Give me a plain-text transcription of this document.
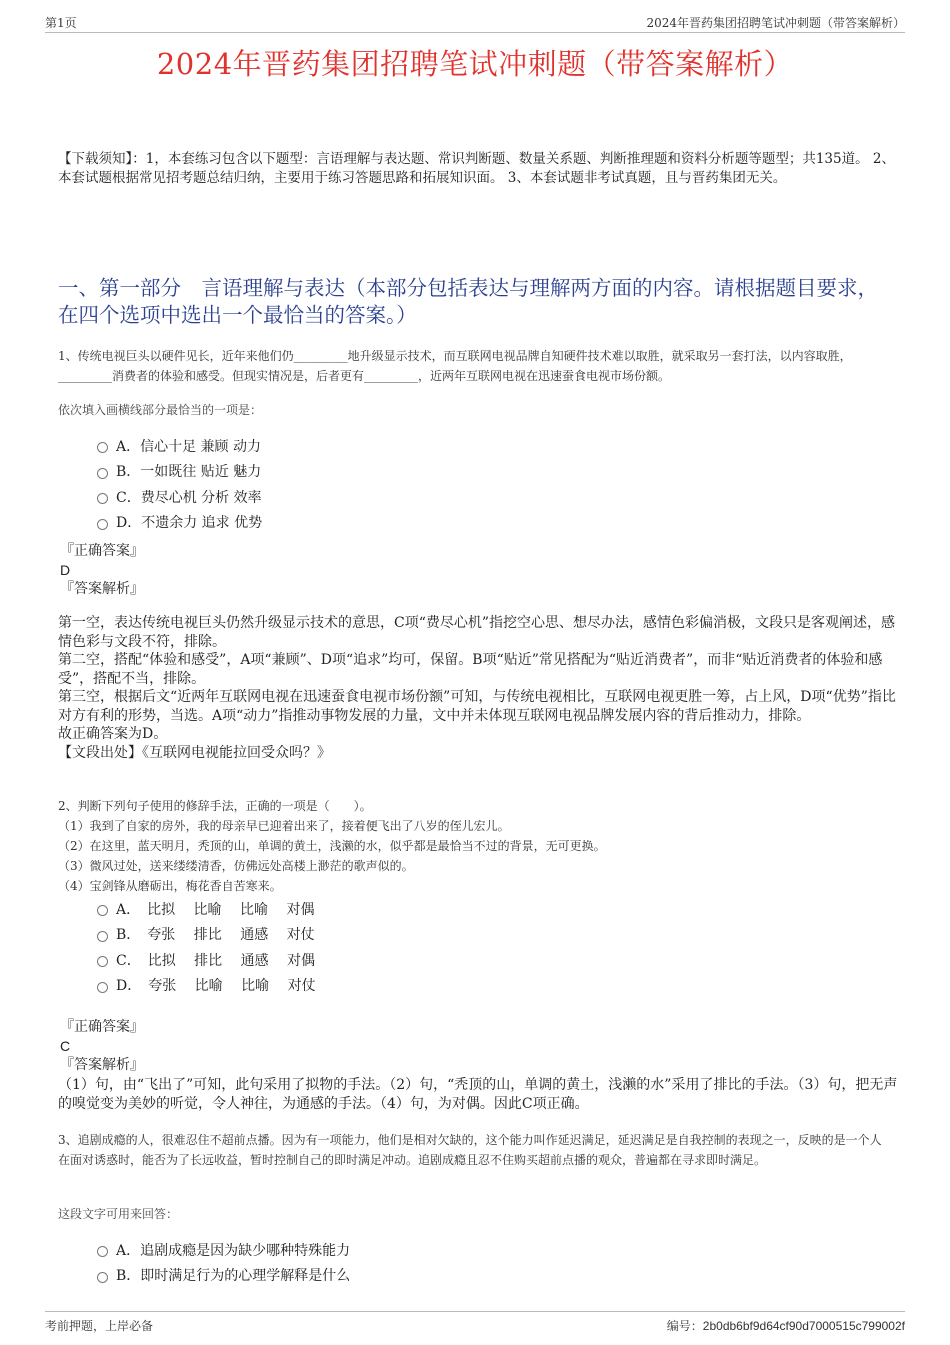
第1页	2024年晋药集团招聘笔试冲刺题（带答案解析）
2024年晋药集团招聘笔试冲刺题（带答案解析）
【下载须知】：1，本套练习包含以下题型：言语理解与表达题、常识判断题、数量关系题、判断推理题和资料分析题等题型；共135道。 2、本套试题根据常见招考题总结归纳，主要用于练习答题思路和拓展知识面。 3、本套试题非考试真题，且与晋药集团无关。
一、第一部分　言语理解与表达（本部分包括表达与理解两方面的内容。请根据题目要求，在四个选项中选出一个最恰当的答案。）
1、传统电视巨头以硬件见长，近年来他们仍_________地升级显示技术，而互联网电视品牌自知硬件技术难以取胜，就采取另一套打法，以内容取胜，_________消费者的体验和感受。但现实情况是，后者更有_________，近两年互联网电视在迅速蚕食电视市场份额。
依次填入画横线部分最恰当的一项是：
A．信心十足 兼顾 动力
B．一如既往 贴近 魅力
C．费尽心机 分析 效率
D．不遗余力 追求 优势
『正确答案』
D
『答案解析』

第一空，表达传统电视巨头仍然升级显示技术的意思，C项“费尽心机”指挖空心思、想尽办法，感情色彩偏消极，文段只是客观阐述，感情色彩与文段不符，排除。

第二空，搭配“体验和感受”，A项“兼顾”、D项“追求”均可，保留。B项“贴近”常见搭配为“贴近消费者”，而非“贴近消费者的体验和感受”，搭配不当，排除。

第三空，根据后文“近两年互联网电视在迅速蚕食电视市场份额”可知，与传统电视相比，互联网电视更胜一筹，占上风，D项“优势”指比对方有利的形势，当选。A项“动力”指推动事物发展的力量，文中并未体现互联网电视品牌发展内容的背后推动力，排除。

故正确答案为D。

【文段出处】《互联网电视能拉回受众吗？》

2、判断下列句子使用的修辞手法，正确的一项是（　　）。
（1）我到了自家的房外，我的母亲早已迎着出来了，接着便飞出了八岁的侄儿宏儿。
（2）在这里，蓝天明月，秃顶的山，单调的黄土，浅濑的水，似乎都是最恰当不过的背景，无可更换。
（3）微风过处，送来缕缕清香，仿佛远处高楼上渺茫的歌声似的。
（4）宝剑锋从磨砺出，梅花香自苦寒来。
A．　比拟　 比喻　 比喻　 对偶
B．　夸张　 排比　 通感　 对仗
C．　比拟　 排比　 通感　 对偶
D．　夸张　 比喻　 比喻　 对仗
『正确答案』
C
『答案解析』

（1）句，由“飞出了”可知，此句采用了拟物的手法。（2）句，“秃顶的山，单调的黄土，浅濑的水”采用了排比的手法。（3）句，把无声的嗅觉变为美妙的听觉，令人神往，为通感的手法。（4）句，为对偶。因此C项正确。

3、追剧成瘾的人，很难忍住不超前点播。因为有一项能力，他们是相对欠缺的，这个能力叫作延迟满足，延迟满足是自我控制的表现之一，反映的是一个人在面对诱惑时，能否为了长远收益，暂时控制自己的即时满足冲动。追剧成瘾且忍不住购买超前点播的观众，普遍都在寻求即时满足。
这段文字可用来回答：
A．追剧成瘾是因为缺少哪种特殊能力
B．即时满足行为的心理学解释是什么
考前押题，上岸必备	编号：2b0db6bf9d64cf90d7000515c799002f
